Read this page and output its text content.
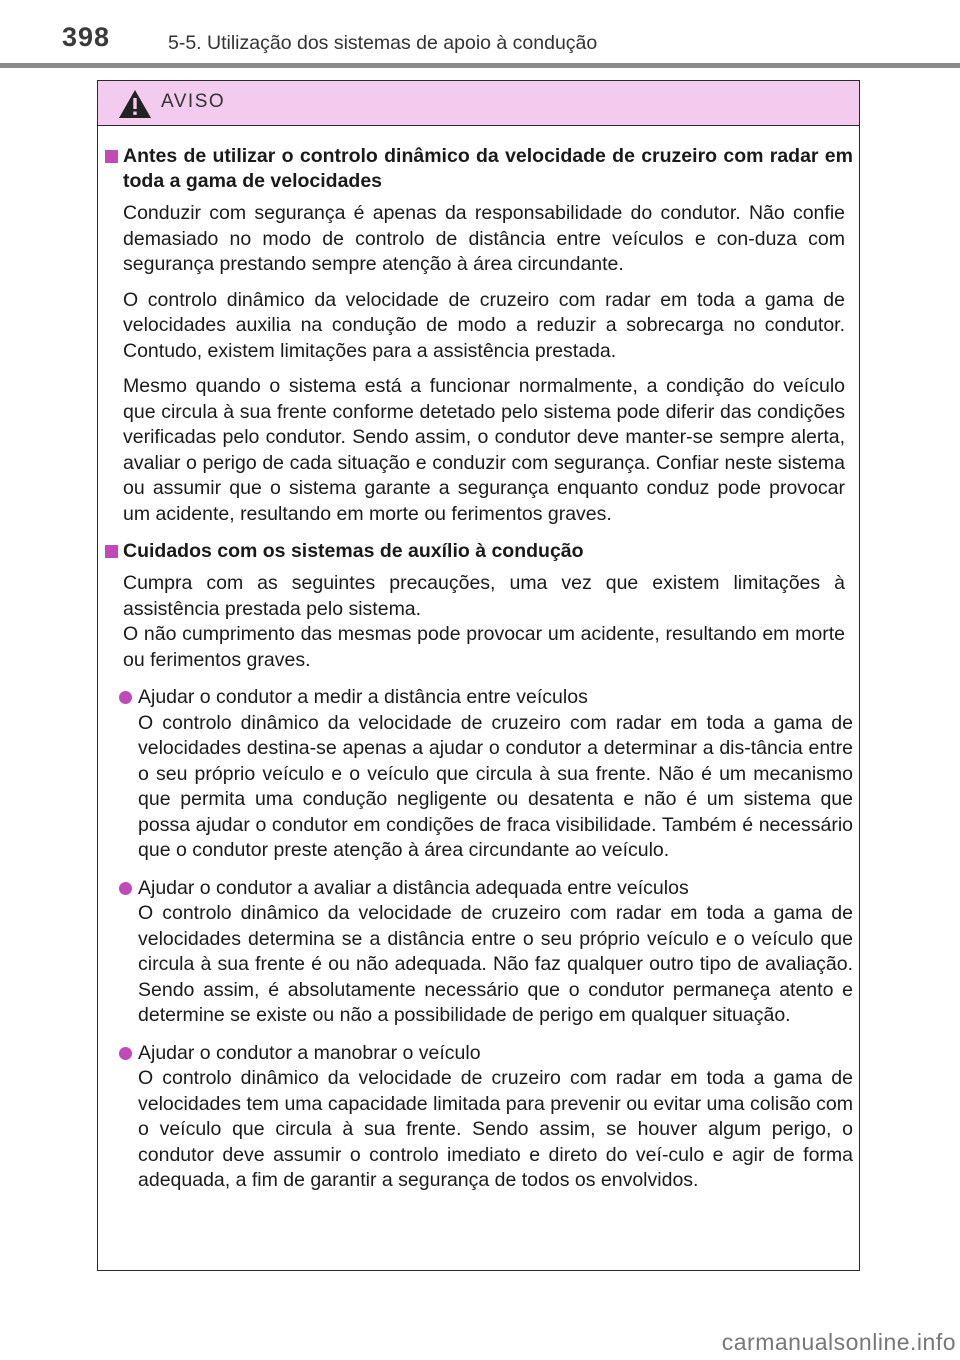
398	5-5. Utilização dos sistemas de apoio à condução
AVISO
Antes de utilizar o controlo dinâmico da velocidade de cruzeiro com radar em toda a gama de velocidades
Conduzir com segurança é apenas da responsabilidade do condutor. Não confie demasiado no modo de controlo de distância entre veículos e con-duza com segurança prestando sempre atenção à área circundante.
O controlo dinâmico da velocidade de cruzeiro com radar em toda a gama de velocidades auxilia na condução de modo a reduzir a sobrecarga no condutor. Contudo, existem limitações para a assistência prestada.
Mesmo quando o sistema está a funcionar normalmente, a condição do veículo que circula à sua frente conforme detetado pelo sistema pode diferir das condições verificadas pelo condutor. Sendo assim, o condutor deve manter-se sempre alerta, avaliar o perigo de cada situação e conduzir com segurança. Confiar neste sistema ou assumir que o sistema garante a segurança enquanto conduz pode provocar um acidente, resultando em morte ou ferimentos graves.
Cuidados com os sistemas de auxílio à condução
Cumpra com as seguintes precauções, uma vez que existem limitações à assistência prestada pelo sistema.
O não cumprimento das mesmas pode provocar um acidente, resultando em morte ou ferimentos graves.
Ajudar o condutor a medir a distância entre veículos
O controlo dinâmico da velocidade de cruzeiro com radar em toda a gama de velocidades destina-se apenas a ajudar o condutor a determinar a dis-tância entre o seu próprio veículo e o veículo que circula à sua frente. Não é um mecanismo que permita uma condução negligente ou desatenta e não é um sistema que possa ajudar o condutor em condições de fraca visibilidade. Também é necessário que o condutor preste atenção à área circundante ao veículo.
Ajudar o condutor a avaliar a distância adequada entre veículos
O controlo dinâmico da velocidade de cruzeiro com radar em toda a gama de velocidades determina se a distância entre o seu próprio veículo e o veículo que circula à sua frente é ou não adequada. Não faz qualquer outro tipo de avaliação. Sendo assim, é absolutamente necessário que o condutor permaneça atento e determine se existe ou não a possibilidade de perigo em qualquer situação.
Ajudar o condutor a manobrar o veículo
O controlo dinâmico da velocidade de cruzeiro com radar em toda a gama de velocidades tem uma capacidade limitada para prevenir ou evitar uma colisão com o veículo que circula à sua frente. Sendo assim, se houver algum perigo, o condutor deve assumir o controlo imediato e direto do veí-culo e agir de forma adequada, a fim de garantir a segurança de todos os envolvidos.
carmanualsonline.info
